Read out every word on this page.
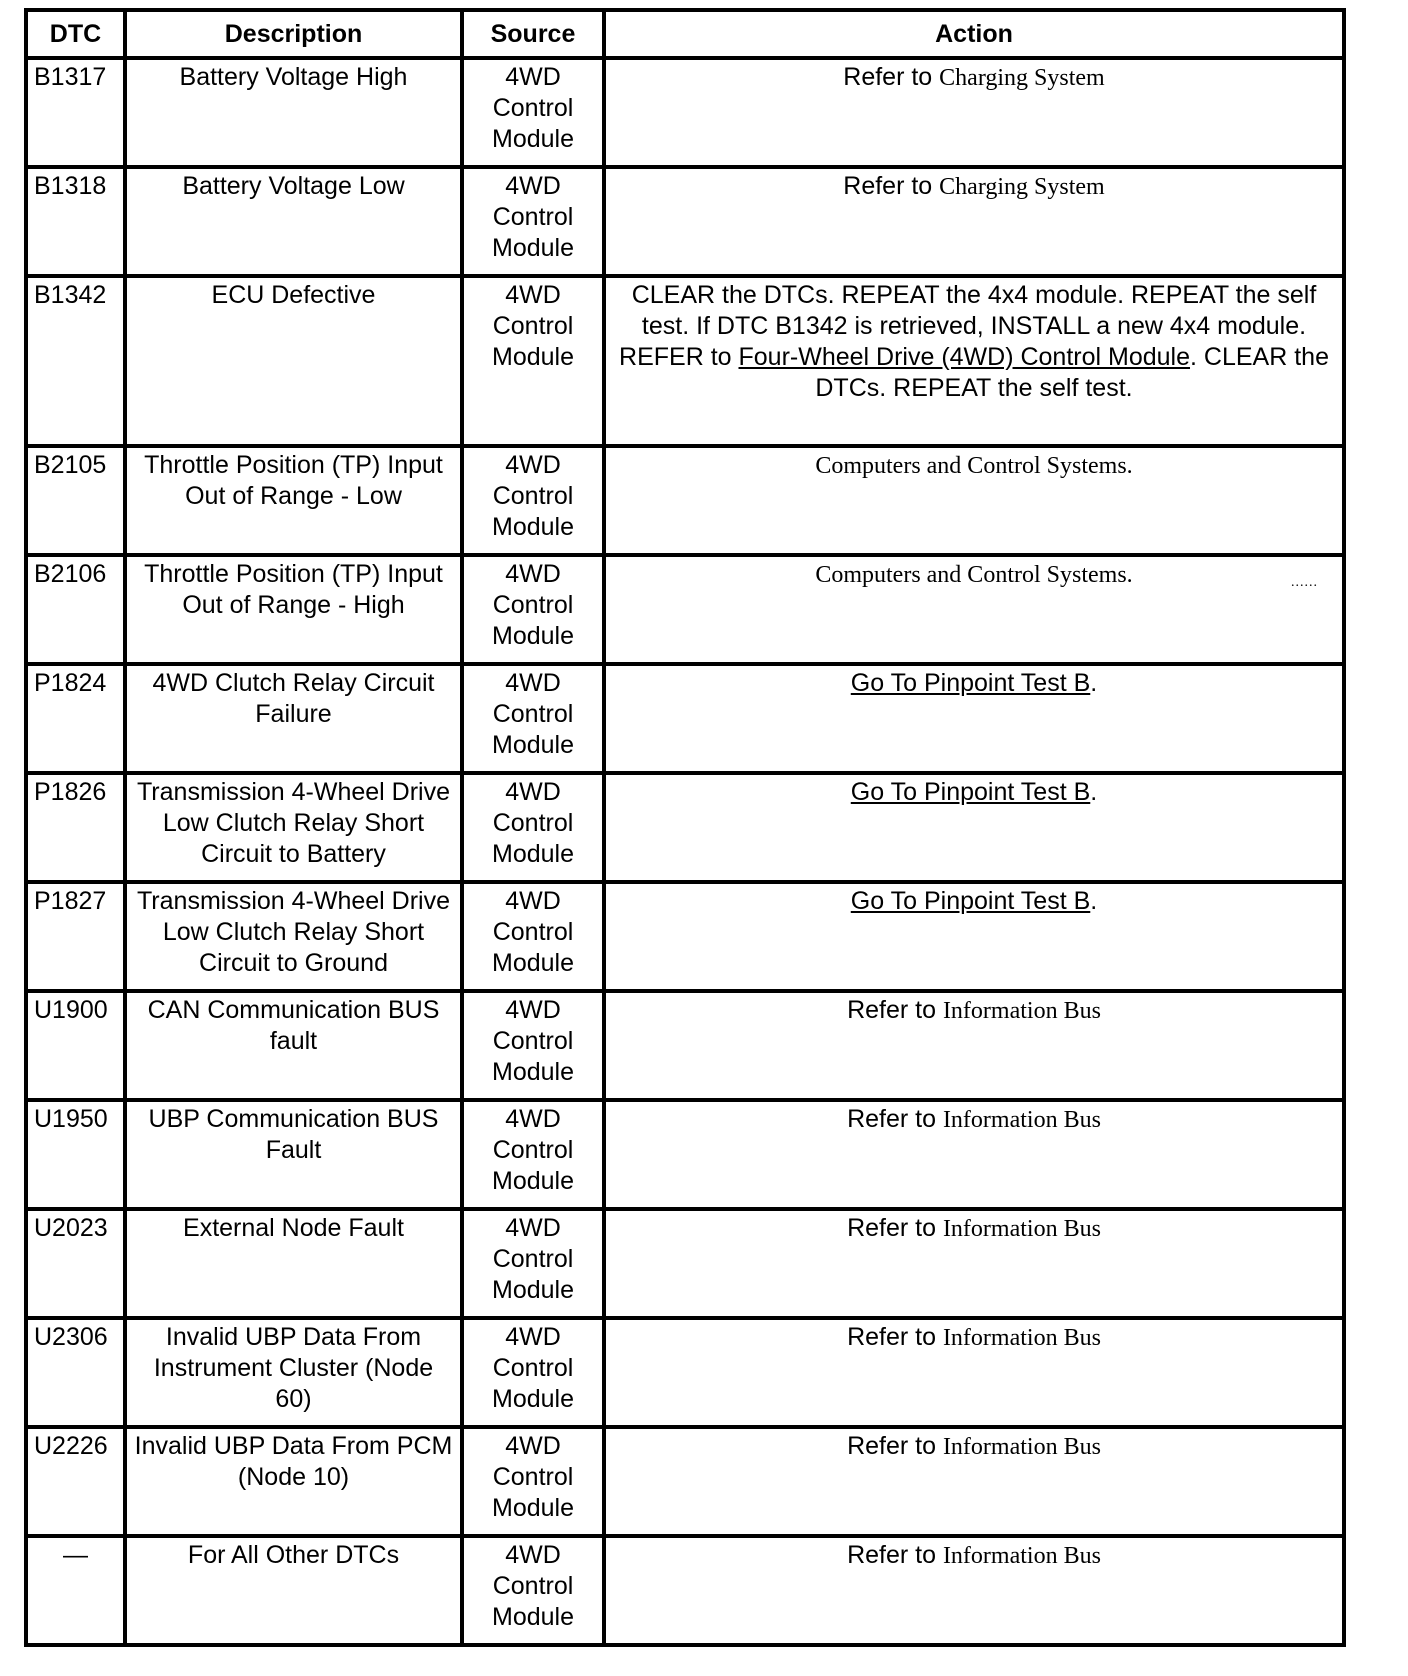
DTC	Description	Source	Action
B1317	Battery Voltage High	4WD Control Module	Refer to Charging System
B1318	Battery Voltage Low	4WD Control Module	Refer to Charging System
B1342	ECU Defective	4WD Control Module	CLEAR the DTCs. REPEAT the 4x4 module. REPEAT the self test. If DTC B1342 is retrieved, INSTALL a new 4x4 module. REFER to Four-Wheel Drive (4WD) Control Module. CLEAR the DTCs. REPEAT the self test.
B2105	Throttle Position (TP) Input Out of Range - Low	4WD Control Module	Computers and Control Systems.
B2106	Throttle Position (TP) Input Out of Range - High	4WD Control Module	Computers and Control Systems. ......

P1824	4WD Clutch Relay Circuit Failure	4WD Control Module	Go To Pinpoint Test B.
P1826	Transmission 4-Wheel Drive Low Clutch Relay Short Circuit to Battery	4WD Control Module	Go To Pinpoint Test B.
P1827	Transmission 4-Wheel Drive Low Clutch Relay Short Circuit to Ground	4WD Control Module	Go To Pinpoint Test B.
U1900	CAN Communication BUS fault	4WD Control Module	Refer to Information Bus
U1950	UBP Communication BUS Fault	4WD Control Module	Refer to Information Bus
U2023	External Node Fault	4WD Control Module	Refer to Information Bus
U2306	Invalid UBP Data From Instrument Cluster (Node 60)	4WD Control Module	Refer to Information Bus
U2226	Invalid UBP Data From PCM (Node 10)	4WD Control Module	Refer to Information Bus
—	For All Other DTCs	4WD Control Module	Refer to Information Bus
